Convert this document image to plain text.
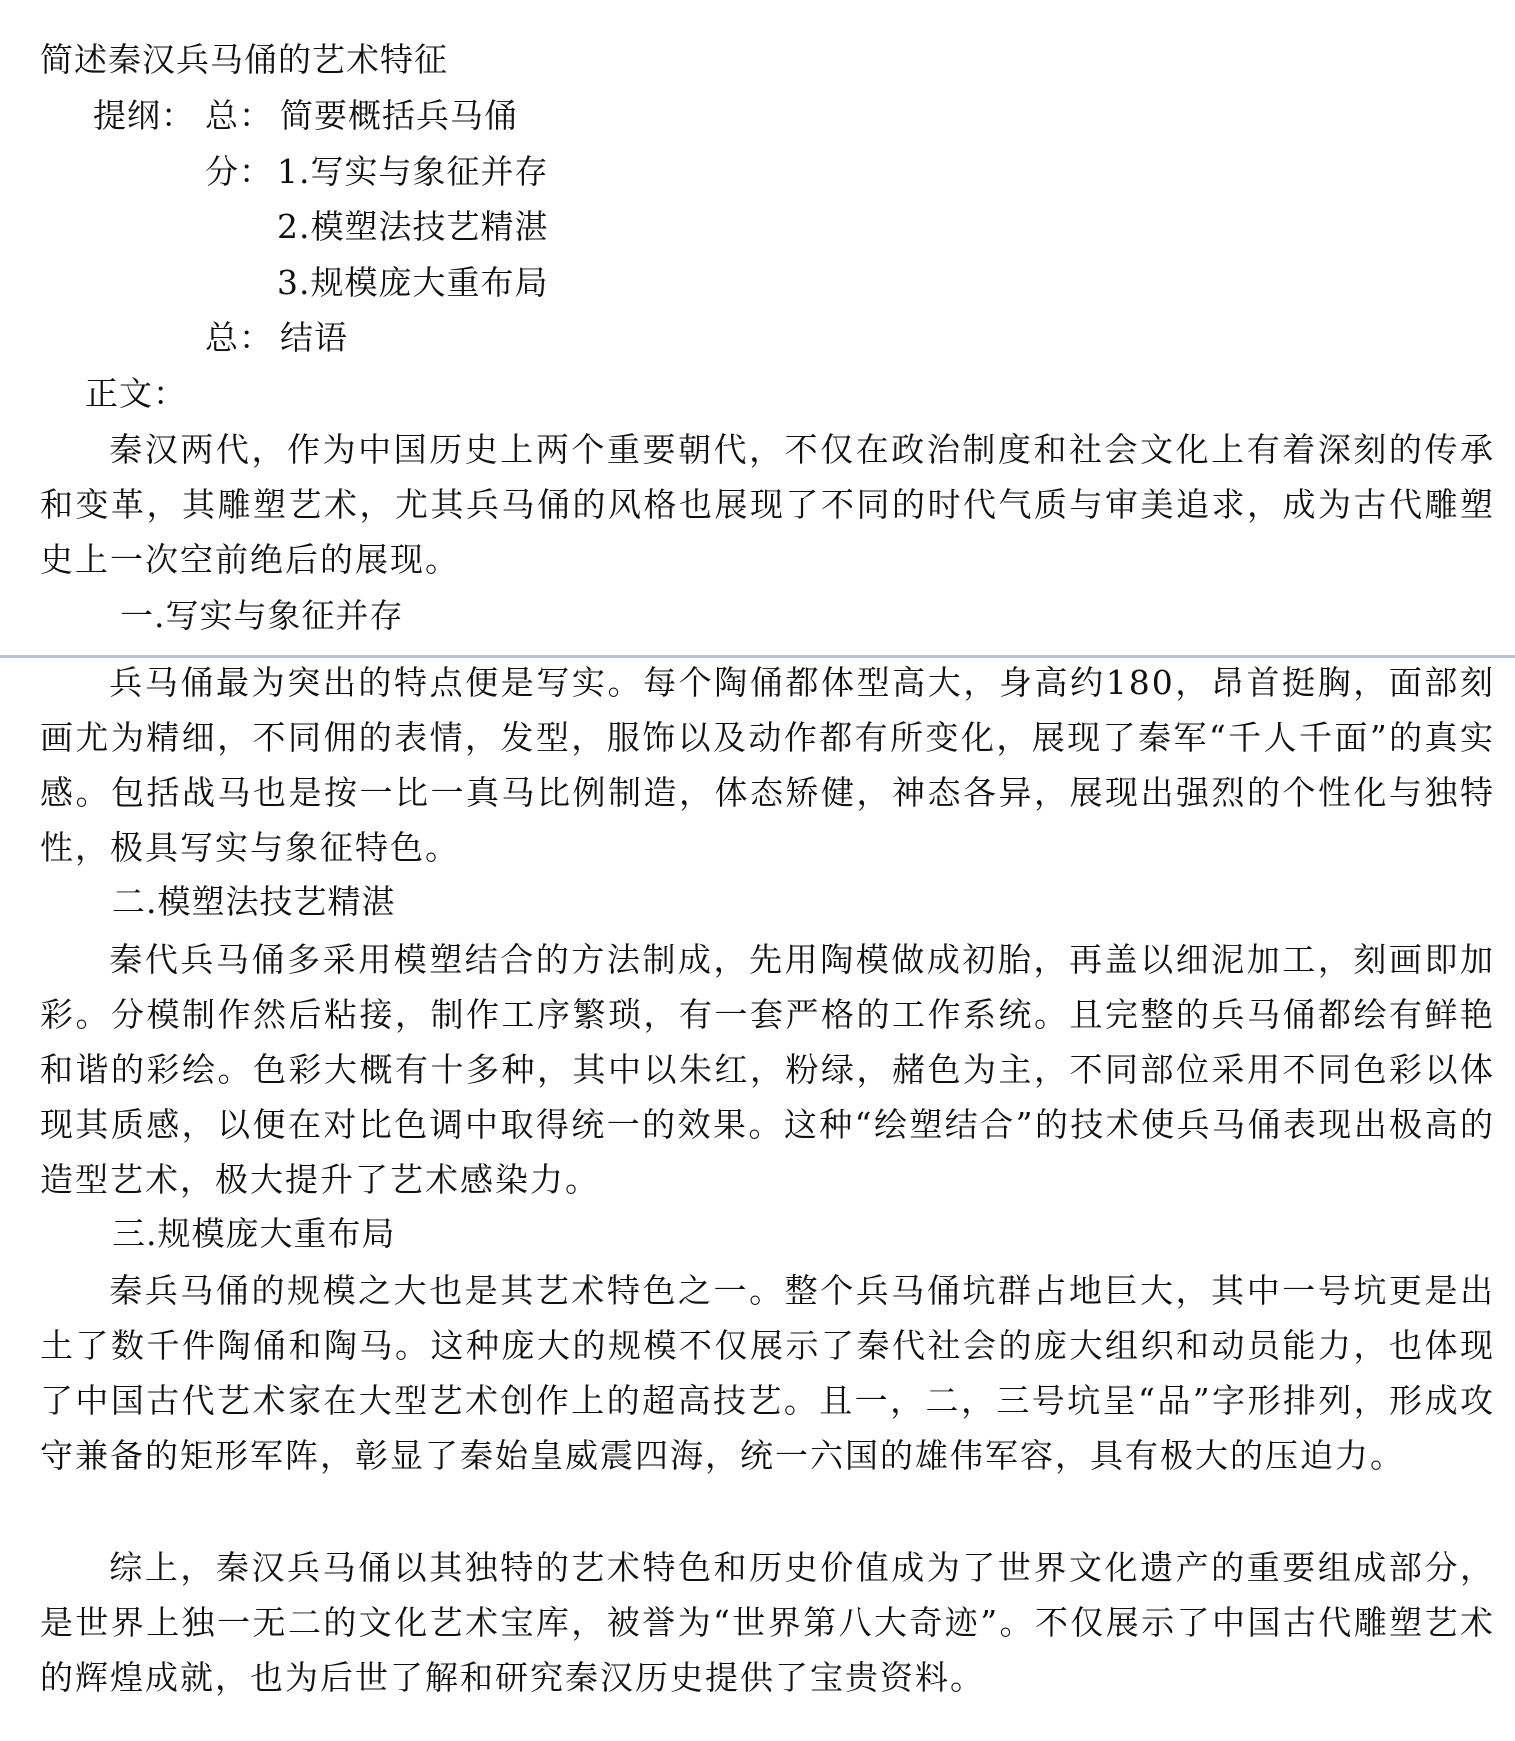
简述秦汉兵马俑的艺术特征
提纲： 总： 简要概括兵马俑
分： 1.写实与象征并存
2.模塑法技艺精湛
3.规模庞大重布局
总： 结语
正文：
秦汉两代，作为中国历史上两个重要朝代，不仅在政治制度和社会文化上有着深刻的传承和变革，其雕塑艺术，尤其兵马俑的风格也展现了不同的时代气质与审美追求，成为古代雕塑史上一次空前绝后的展现。
一.写实与象征并存
兵马俑最为突出的特点便是写实。每个陶俑都体型高大，身高约180，昂首挺胸，面部刻画尤为精细，不同佣的表情，发型，服饰以及动作都有所变化，展现了秦军“千人千面”的真实感。包括战马也是按一比一真马比例制造，体态矫健，神态各异，展现出强烈的个性化与独特性，极具写实与象征特色。
二.模塑法技艺精湛
秦代兵马俑多采用模塑结合的方法制成，先用陶模做成初胎，再盖以细泥加工，刻画即加彩。分模制作然后粘接，制作工序繁琐，有一套严格的工作系统。且完整的兵马俑都绘有鲜艳和谐的彩绘。色彩大概有十多种，其中以朱红，粉绿，赭色为主，不同部位采用不同色彩以体现其质感，以便在对比色调中取得统一的效果。这种“绘塑结合”的技术使兵马俑表现出极高的造型艺术，极大提升了艺术感染力。
三.规模庞大重布局
秦兵马俑的规模之大也是其艺术特色之一。整个兵马俑坑群占地巨大，其中一号坑更是出土了数千件陶俑和陶马。这种庞大的规模不仅展示了秦代社会的庞大组织和动员能力，也体现了中国古代艺术家在大型艺术创作上的超高技艺。且一，二，三号坑呈“品”字形排列，形成攻守兼备的矩形军阵，彰显了秦始皇威震四海，统一六国的雄伟军容，具有极大的压迫力。
综上，秦汉兵马俑以其独特的艺术特色和历史价值成为了世界文化遗产的重要组成部分，是世界上独一无二的文化艺术宝库，被誉为“世界第八大奇迹”。不仅展示了中国古代雕塑艺术的辉煌成就，也为后世了解和研究秦汉历史提供了宝贵资料。
